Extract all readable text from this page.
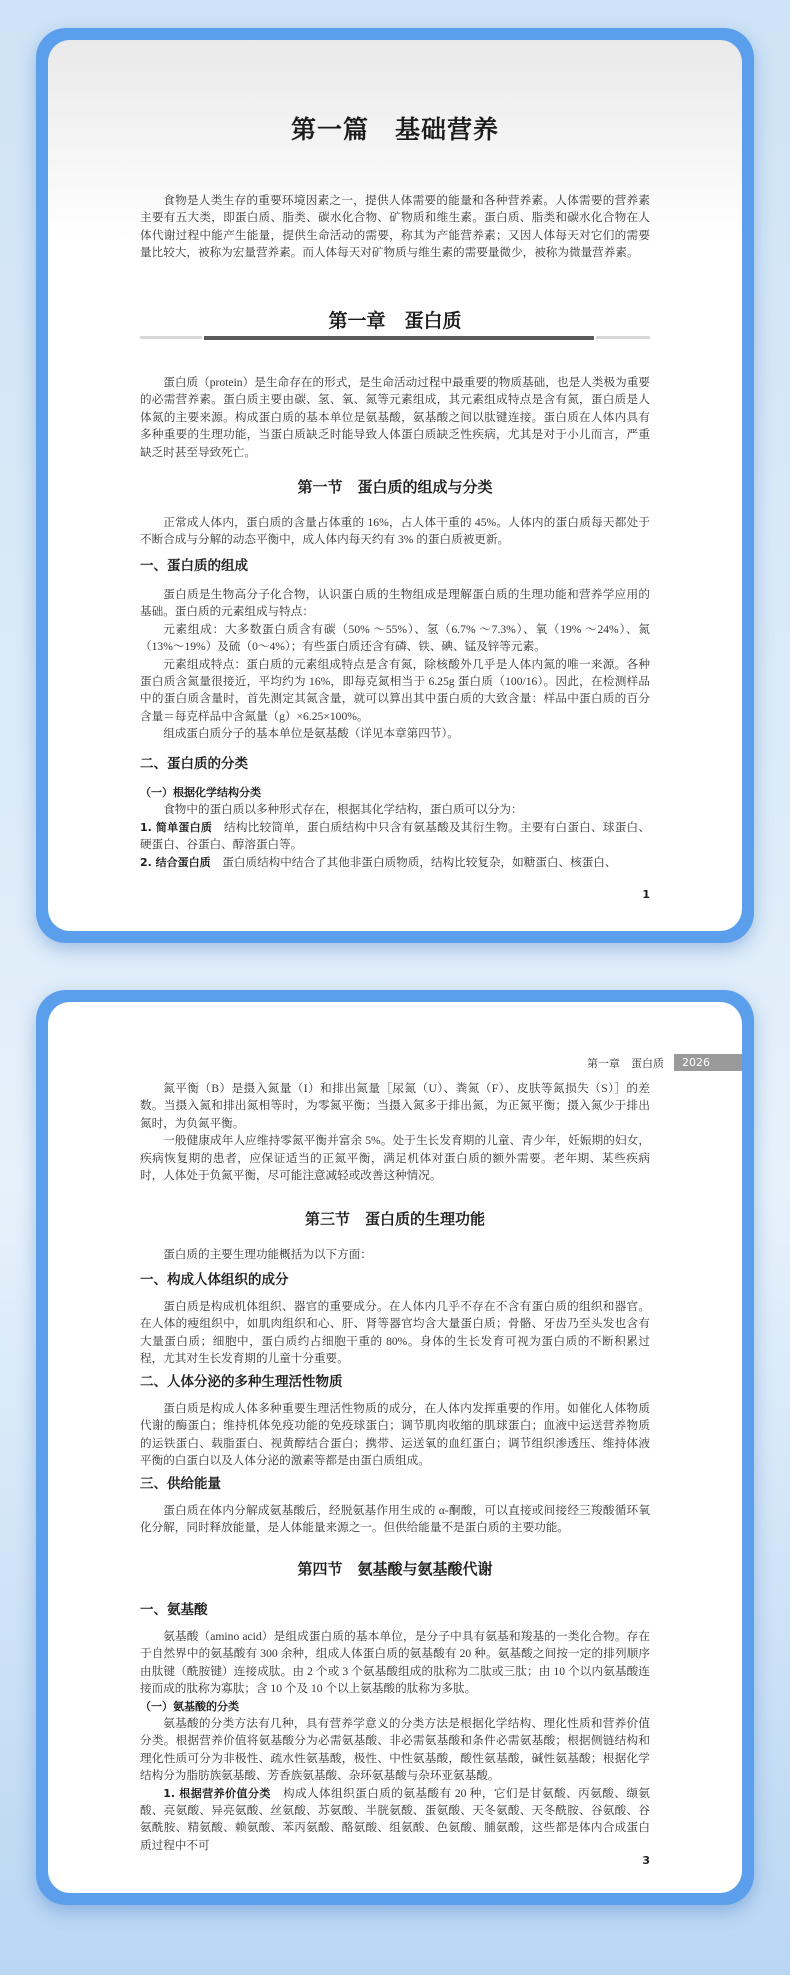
第一篇　基础营养

食物是人类生存的重要环境因素之一，提供人体需要的能量和各种营养素。人体需要的营养素主要有五大类，即蛋白质、脂类、碳水化合物、矿物质和维生素。蛋白质、脂类和碳水化合物在人体代谢过程中能产生能量，提供生命活动的需要，称其为产能营养素；又因人体每天对它们的需要量比较大，被称为宏量营养素。而人体每天对矿物质与维生素的需要量微少，被称为微量营养素。

第一章　蛋白质

蛋白质（protein）是生命存在的形式，是生命活动过程中最重要的物质基础，也是人类极为重要的必需营养素。蛋白质主要由碳、氢、氧、氮等元素组成，其元素组成特点是含有氮，蛋白质是人体氮的主要来源。构成蛋白质的基本单位是氨基酸，氨基酸之间以肽键连接。蛋白质在人体内具有多种重要的生理功能，当蛋白质缺乏时能导致人体蛋白质缺乏性疾病，尤其是对于小儿而言，严重缺乏时甚至导致死亡。

第一节　蛋白质的组成与分类

正常成人体内，蛋白质的含量占体重的 16%，占人体干重的 45%。人体内的蛋白质每天都处于不断合成与分解的动态平衡中，成人体内每天约有 3% 的蛋白质被更新。

一、蛋白质的组成

蛋白质是生物高分子化合物，认识蛋白质的生物组成是理解蛋白质的生理功能和营养学应用的基础。蛋白质的元素组成与特点：

元素组成：大多数蛋白质含有碳（50% ～55%）、氢（6.7% ～7.3%）、氧（19% ～24%）、氮（13%～19%）及硫（0～4%）；有些蛋白质还含有磷、铁、碘、锰及锌等元素。

元素组成特点：蛋白质的元素组成特点是含有氮，除核酸外几乎是人体内氮的唯一来源。各种蛋白质含氮量很接近，平均约为 16%，即每克氮相当于 6.25g 蛋白质（100/16）。因此，在检测样品中的蛋白质含量时，首先测定其氮含量，就可以算出其中蛋白质的大致含量：样品中蛋白质的百分含量＝每克样品中含氮量（g）×6.25×100%。

组成蛋白质分子的基本单位是氨基酸（详见本章第四节）。

二、蛋白质的分类

（一）根据化学结构分类

食物中的蛋白质以多种形式存在，根据其化学结构，蛋白质可以分为：

1. 简单蛋白质　 结构比较简单，蛋白质结构中只含有氨基酸及其衍生物。主要有白蛋白、球蛋白、硬蛋白、谷蛋白、醇溶蛋白等。

2. 结合蛋白质　 蛋白质结构中结合了其他非蛋白质物质，结构比较复杂，如糖蛋白、核蛋白、

1
第一章　蛋白质	2026

氮平衡（B）是摄入氮量（I）和排出氮量［尿氮（U）、粪氮（F）、皮肤等氮损失（S）］的差数。当摄入氮和排出氮相等时，为零氮平衡；当摄入氮多于排出氮，为正氮平衡；摄入氮少于排出氮时，为负氮平衡。

一般健康成年人应维持零氮平衡并富余 5%。处于生长发育期的儿童、青少年，妊娠期的妇女，疾病恢复期的患者，应保证适当的正氮平衡，满足机体对蛋白质的额外需要。老年期、某些疾病时，人体处于负氮平衡，尽可能注意减轻或改善这种情况。

第三节　蛋白质的生理功能

蛋白质的主要生理功能概括为以下方面：

一、构成人体组织的成分

蛋白质是构成机体组织、器官的重要成分。在人体内几乎不存在不含有蛋白质的组织和器官。在人体的瘦组织中，如肌肉组织和心、肝、肾等器官均含大量蛋白质；骨骼、牙齿乃至头发也含有大量蛋白质；细胞中，蛋白质约占细胞干重的 80%。身体的生长发育可视为蛋白质的不断积累过程，尤其对生长发育期的儿童十分重要。

二、人体分泌的多种生理活性物质

蛋白质是构成人体多种重要生理活性物质的成分，在人体内发挥重要的作用。如催化人体物质代谢的酶蛋白；维持机体免疫功能的免疫球蛋白；调节肌肉收缩的肌球蛋白；血液中运送营养物质的运铁蛋白、载脂蛋白、视黄醇结合蛋白；携带、运送氧的血红蛋白；调节组织渗透压、维持体液平衡的白蛋白以及人体分泌的激素等都是由蛋白质组成。

三、供给能量

蛋白质在体内分解成氨基酸后，经脱氨基作用生成的 α-酮酸，可以直接或间接经三羧酸循环氧化分解，同时释放能量，是人体能量来源之一。但供给能量不是蛋白质的主要功能。

第四节　氨基酸与氨基酸代谢

一、氨基酸

氨基酸（amino acid）是组成蛋白质的基本单位，是分子中具有氨基和羧基的一类化合物。存在于自然界中的氨基酸有 300 余种，组成人体蛋白质的氨基酸有 20 种。氨基酸之间按一定的排列顺序由肽键（酰胺键）连接成肽。由 2 个或 3 个氨基酸组成的肽称为二肽或三肽；由 10 个以内氨基酸连接而成的肽称为寡肽；含 10 个及 10 个以上氨基酸的肽称为多肽。

（一）氨基酸的分类

氨基酸的分类方法有几种，具有营养学意义的分类方法是根据化学结构、理化性质和营养价值分类。根据营养价值将氨基酸分为必需氨基酸、非必需氨基酸和条件必需氨基酸；根据侧链结构和理化性质可分为非极性、疏水性氨基酸，极性、中性氨基酸，酸性氨基酸，碱性氨基酸；根据化学结构分为脂肪族氨基酸、芳香族氨基酸、杂环氨基酸与杂环亚氨基酸。

1. 根据营养价值分类　 构成人体组织蛋白质的氨基酸有 20 种，它们是甘氨酸、丙氨酸、缬氨酸、亮氨酸、异亮氨酸、丝氨酸、苏氨酸、半胱氨酸、蛋氨酸、天冬氨酸、天冬酰胺、谷氨酸、谷氨酰胺、精氨酸、赖氨酸、苯丙氨酸、酪氨酸、组氨酸、色氨酸、脯氨酸，这些都是体内合成蛋白质过程中不可

3
